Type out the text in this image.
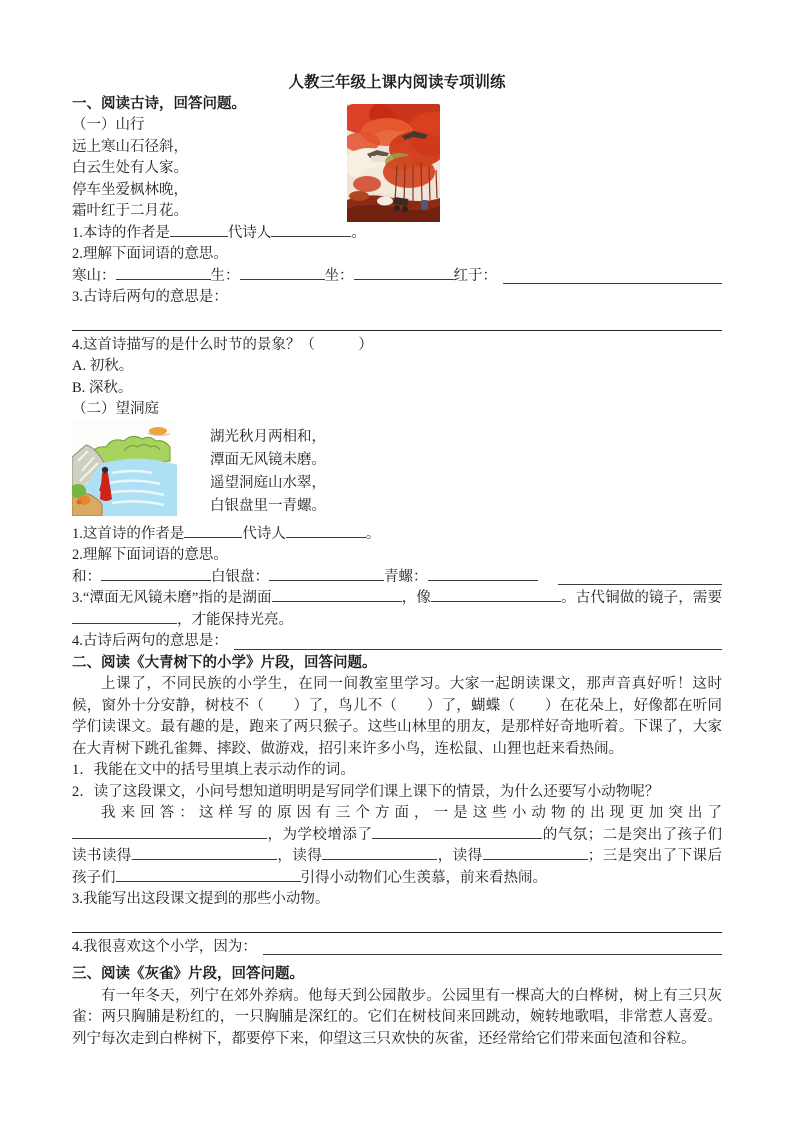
人教三年级上课内阅读专项训练

一、阅读古诗，回答问题。

（一）山行

远上寒山石径斜，

白云生处有人家。

停车坐爱枫林晚，

霜叶红于二月花。

1.本诗的作者是	代诗人	。

2.理解下面词语的意思。

寒山：	生：	坐：	红于：

3.古诗后两句的意思是：

4.这首诗描写的是什么时节的景象？（　　　）

A. 初秋。

B. 深秋。

（二）望洞庭

湖光秋月两相和，

潭面无风镜未磨。

遥望洞庭山水翠，

白银盘里一青螺。

1.这首诗的作者是	代诗人	。

2.理解下面词语的意思。

和：	白银盘：	青螺：

3.“潭面无风镜未磨”指的是湖面	，像	。古代铜做的镜子，需要，才能保持光亮。

4.古诗后两句的意思是：

二、阅读《大青树下的小学》片段，回答问题。

上课了，不同民族的小学生，在同一间教室里学习。大家一起朗读课文，那声音真好听！这时候，窗外十分安静，树枝不（　　）了，鸟儿不（　　）了，蝴蝶（　　）在花朵上，好像都在听同学们读课文。最有趣的是，跑来了两只猴子。这些山林里的朋友，是那样好奇地听着。下课了，大家在大青树下跳孔雀舞、摔跤、做游戏，招引来许多小鸟，连松鼠、山狸也赶来看热闹。

1．我能在文中的括号里填上表示动作的词。

2．读了这段课文，小问号想知道明明是写同学们课上课下的情景，为什么还要写小动物呢？

我来回答：这样写的原因有三个方面，一是这些小动物的出现更加突出了，为学校增添了	的气氛；二是突出了孩子们读书读得	，读得	，读得	；三是突出了下课后孩子们	引得小动物们心生羡慕，前来看热闹。

3.我能写出这段课文提到的那些小动物。

4.我很喜欢这个小学，因为：

三、阅读《灰雀》片段，回答问题。

有一年冬天，列宁在郊外养病。他每天到公园散步。公园里有一棵高大的白桦树，树上有三只灰雀：两只胸脯是粉红的，一只胸脯是深红的。它们在树枝间来回跳动，婉转地歌唱，非常惹人喜爱。列宁每次走到白桦树下，都要停下来，仰望这三只欢快的灰雀，还经常给它们带来面包渣和谷粒。
